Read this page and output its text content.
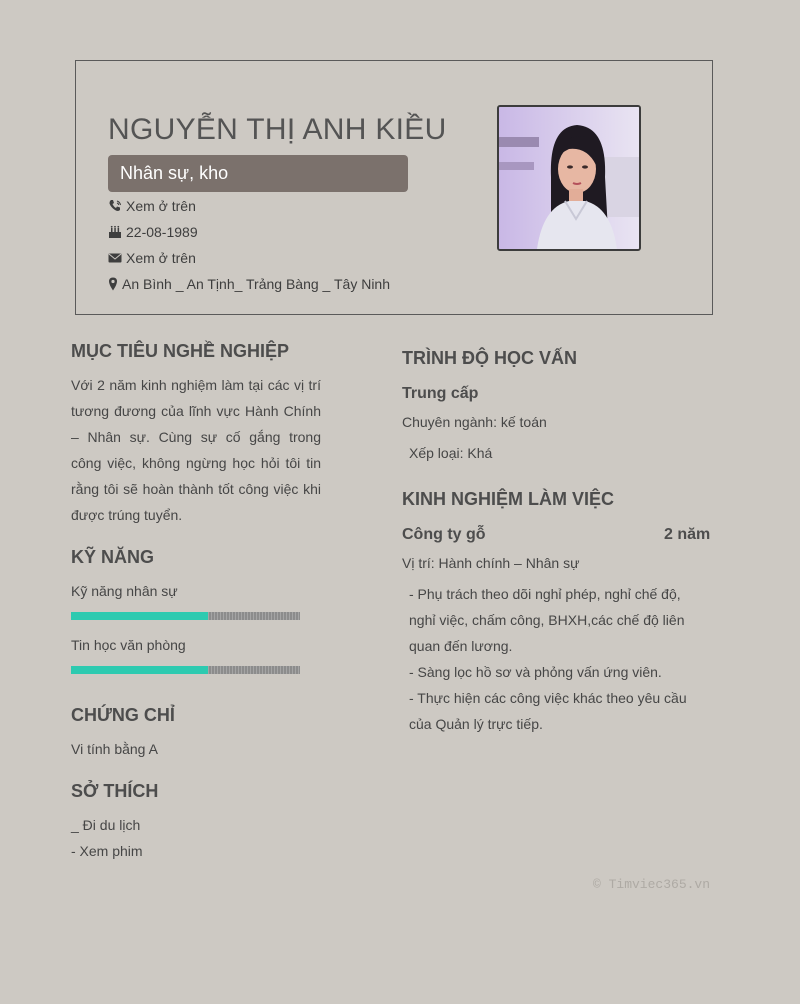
NGUYỄN THỊ ANH KIỀU
Nhân sự, kho
Xem ở trên
22-08-1989
Xem ở trên
An Bình _ An Tịnh_ Trảng Bàng _ Tây Ninh
MỤC TIÊU NGHỀ NGHIỆP
Với 2 năm kinh nghiệm làm tại các vị trí tương đương của lĩnh vực Hành Chính – Nhân sự. Cùng sự cố gắng trong công việc, không ngừng học hỏi tôi tin rằng tôi sẽ hoàn thành tốt công việc khi được trúng tuyển.
KỸ NĂNG
Kỹ năng nhân sự
Tin học văn phòng
CHỨNG CHỈ
Vi tính bằng A
SỞ THÍCH
_ Đi du lịch
- Xem phim
TRÌNH ĐỘ HỌC VẤN
Trung cấp
Chuyên ngành: kế toán
Xếp loại: Khá
KINH NGHIỆM LÀM VIỆC
Công ty gỗ	2 năm
Vị trí: Hành chính – Nhân sự
- Phụ trách theo dõi nghỉ phép, nghỉ chế độ, nghỉ việc, chấm công, BHXH,các chế độ liên quan đến lương.
- Sàng lọc hồ sơ và phỏng vấn ứng viên.
- Thực hiện các công việc khác theo yêu cầu của Quản lý trực tiếp.
© Timviec365.vn
